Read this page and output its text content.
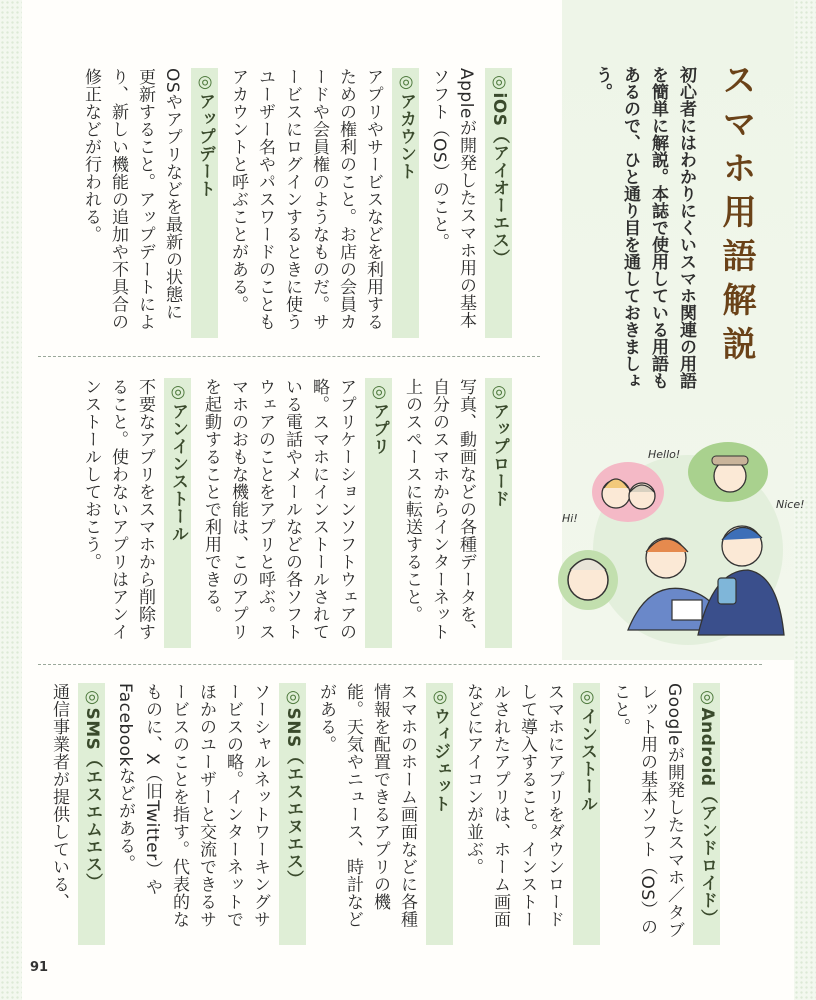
スマホ用語解説
初心者にはわかりにくいスマホ関連の用語を簡単に解説。本誌で使用している用語もあるので、ひと通り目を通しておきましょう。
◎iOS（アイオーエス）
Appleが開発したスマホ用の基本ソフト（OS）のこと。
◎アカウント
アプリやサービスなどを利用するための権利のこと。お店の会員カードや会員権のようなものだ。サービスにログインするときに使うユーザー名やパスワードのこともアカウントと呼ぶことがある。
◎アップデート
OSやアプリなどを最新の状態に更新すること。アップデートにより、新しい機能の追加や不具合の修正などが行われる。
◎アップロード
写真、動画などの各種データを、自分のスマホからインターネット上のスペースに転送すること。
◎アプリ
アプリケーションソフトウェアの略。スマホにインストールされている電話やメールなどの各ソフトウェアのことをアプリと呼ぶ。スマホのおもな機能は、このアプリを起動することで利用できる。
◎アンインストール
不要なアプリをスマホから削除すること。使わないアプリはアンインストールしておこう。
◎Android（アンドロイド）
Googleが開発したスマホ／タブレット用の基本ソフト（OS）のこと。
◎インストール
スマホにアプリをダウンロードして導入すること。インストールされたアプリは、ホーム画面などにアイコンが並ぶ。
◎ウィジェット
スマホのホーム画面などに各種情報を配置できるアプリの機能。天気やニュース、時計などがある。
◎SNS（エスエヌエス）
ソーシャルネットワーキングサービスの略。インターネットでほかのユーザーと交流できるサービスのことを指す。代表的なものに、X（旧Twitter）やFacebookなどがある。
◎SMS（エスエムエス）
通信事業者が提供している、
Hi!
Hello!
Nice!
91
